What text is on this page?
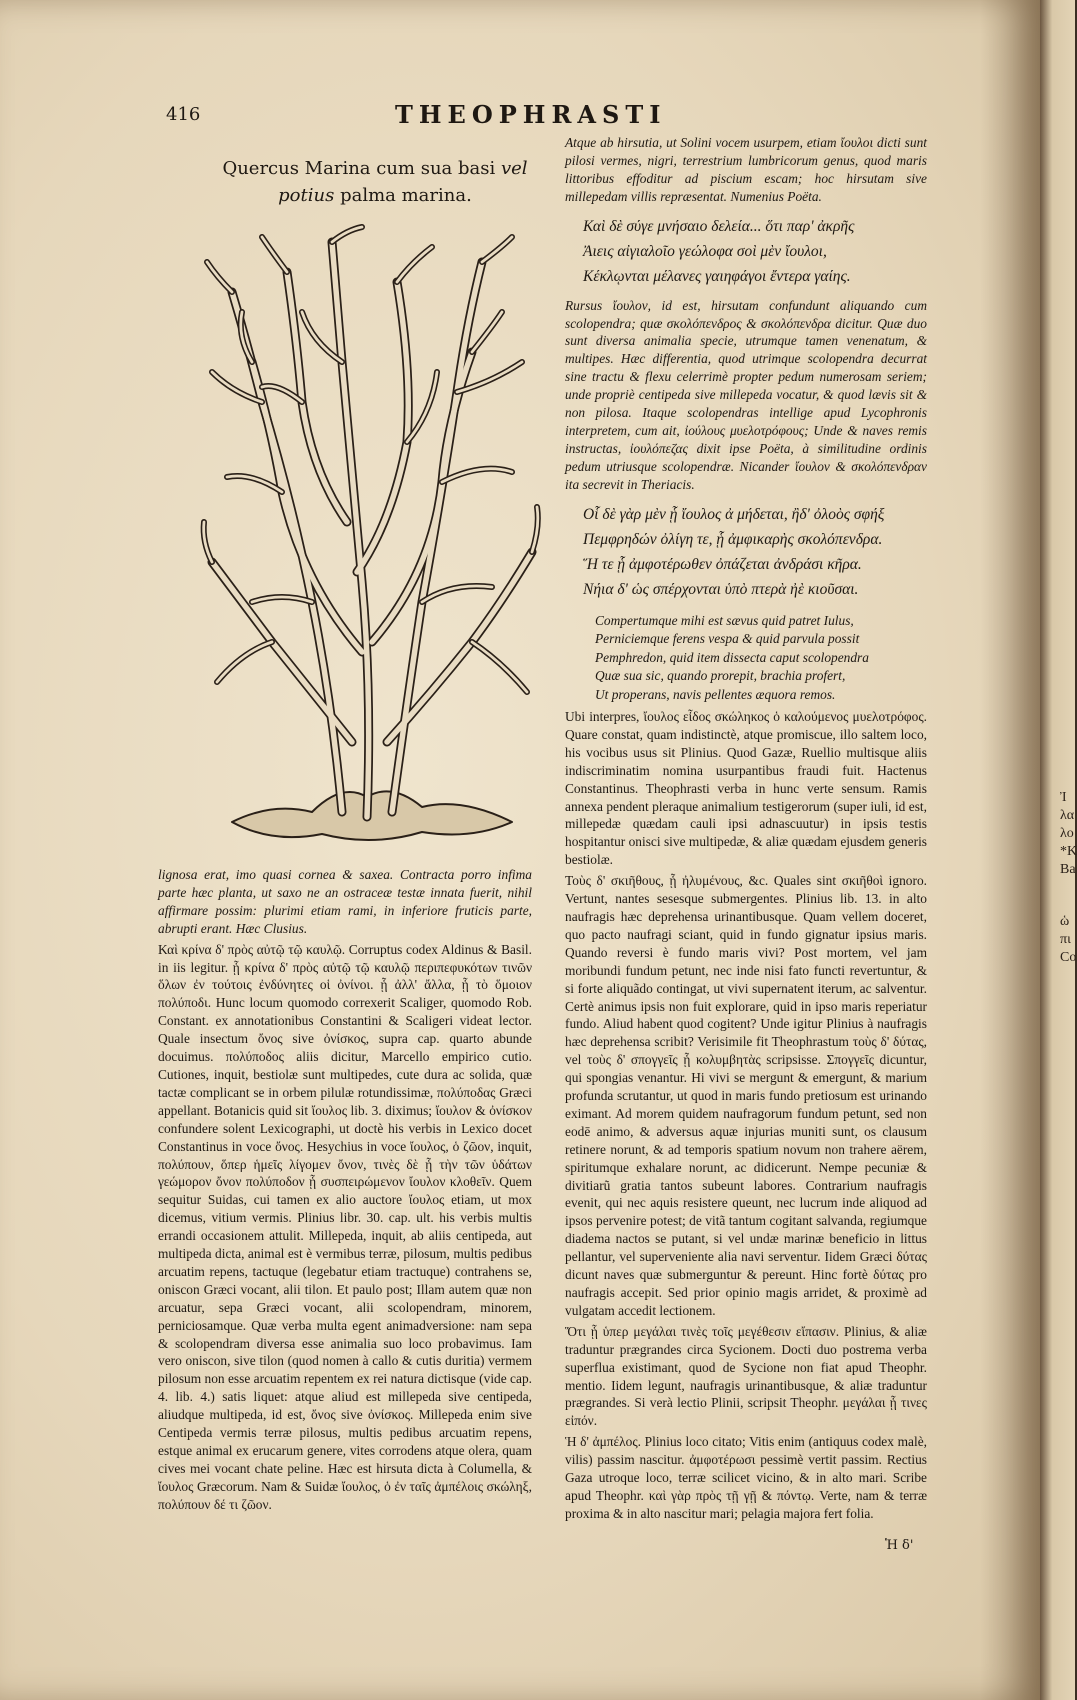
416	THEOPHRASTI
Quercus Marina cum sua basi vel potius palma marina.

Atque ab hirsutia, ut Solini vocem usurpem, etiam ἴουλοι dicti sunt pilosi vermes, nigri, terrestrium lumbricorum genus, quod maris littoribus effoditur ad piscium escam; hoc hirsutam sive millepedam villis repræsentat. Numenius Poëta.

Καὶ δὲ σύγε μνήσαιο δελεία... ὅτι παρ' ἀκρῆς
Ἀιεις αἰγιαλοῖο γεώλοφα σοὶ μὲν ἴουλοι,
Κέκλῳνται μέλανες γαιηφάγοι ἔντερα γαίης.

Rursus ἴουλον, id est, hirsutam confundunt aliquando cum scolopendra; quæ σκολόπενδρος & σκολόπενδρα dicitur. Quæ duo sunt diversa animalia specie, utrumque tamen venenatum, & multipes. Hæc differentia, quod utrimque scolopendra decurrat sine tractu & flexu celerrimè propter pedum numerosam seriem; unde propriè centipeda sive millepeda vocatur, & quod lævis sit & non pilosa. Itaque scolopendras intellige apud Lycophronis interpretem, cum ait, ἰούλους μυελοτρόφους; Unde & naves remis instructas, ἰουλόπεζας dixit ipse Poëta, à similitudine ordinis pedum utriusque scolopendræ. Nicander ἴουλον & σκολόπενδραν ita secrevit in Theriacis.

Οἷ δὲ γὰρ μὲν ᾗ ἴουλος ἀ μήδεται, ἢδ' ὀλοὸς σφήξ
Πεμφρηδών ὀλίγη τε, ᾗ ἀμφικαρὴς σκολόπενδρα.
Ἥ τε ᾗ ἀμφοτέρωθεν ὀπάζεται ἀνδράσι κῆρα.
Νήια δ' ὡς σπέρχονται ὑπὸ πτερὰ ἠὲ κιοῦσαι.
Compertumque mihi est sævus quid patret Iulus,
Perniciemque ferens vespa & quid parvula possit
Pemphredon, quid item dissecta caput scolopendra
Quæ sua sic, quando prorepit, brachia profert,
Ut properans, navis pellentes æquora remos.

Ubi interpres, ἴουλος εἶδος σκώληκος ὁ καλούμενος μυελοτρόφος. Quare constat, quam indistinctè, atque promiscue, illo saltem loco, his vocibus usus sit Plinius. Quod Gazæ, Ruellio multisque aliis indiscriminatim nomina usurpantibus fraudi fuit. Hactenus Constantinus. Theophrasti verba in hunc verte sensum. Ramis annexa pendent pleraque animalium testigerorum (super iuli, id est, millepedæ quædam cauli ipsi adnascuutur) in ipsis testis hospitantur onisci sive multipedæ, & aliæ quædam ejusdem generis bestiolæ.

Τοὺς δ' σκιῆθους, ᾗ ἠλυμένους, &c. Quales sint σκιῆθοὶ ignoro. Vertunt, nantes sesesque submergentes. Plinius lib. 13. in alto naufragis hæc deprehensa urinantibusque. Quam vellem doceret, quo pacto naufragi sciant, quid in fundo gignatur ipsius maris. Quando reversi è fundo maris vivi? Post mortem, vel jam moribundi fundum petunt, nec inde nisi fato functi revertuntur, & si forte aliquãdo contingat, ut vivi supernatent iterum, ac salventur. Certè animus ipsis non fuit explorare, quid in ipso maris reperiatur fundo. Aliud habent quod cogitent? Unde igitur Plinius à naufragis hæc deprehensa scribit? Verisimile fit Theophrastum τοὺς δ' δύτας, vel τοὺς δ' σπογγεῖς ᾗ κολυμβητὰς scripsisse. Σπογγεῖς dicuntur, qui spongias venantur. Hi vivi se mergunt & emergunt, & marium profunda scrutantur, ut quod in maris fundo pretiosum est urinando eximant. Ad morem quidem naufragorum fundum petunt, sed non eodē animo, & adversus aquæ injurias muniti sunt, os clausum retinere norunt, & ad temporis spatium novum non trahere aërem, spiritumque exhalare norunt, ac didicerunt. Nempe pecuniæ & divitiarũ gratia tantos subeunt labores. Contrarium naufragis evenit, qui nec aquis resistere queunt, nec lucrum inde aliquod ad ipsos pervenire potest; de vitã tantum cogitant salvanda, regiumque diadema nactos se putant, si vel undæ marinæ beneficio in littus pellantur, vel superveniente alia navi serventur. Iidem Græci δύτας dicunt naves quæ submerguntur & pereunt. Hinc fortè δύτας pro naufragis accepit. Sed prior opinio magis arridet, & proximè ad vulgatam accedit lectionem.

Ὅτι ᾗ ὑπερ μεγάλαι τινὲς τοῖς μεγέθεσιν εἴπασιν. Plinius, & aliæ traduntur prægrandes circa Sycionem. Docti duo postrema verba superflua existimant, quod de Sycione non fiat apud Theophr. mentio. Iidem legunt, naufragis urinantibusque, & aliæ traduntur prægrandes. Si verà lectio Plinii, scripsit Theophr. μεγάλαι ᾗ τινες εἰπόν.

Ἡ δ' ἀμπέλος. Plinius loco citato; Vitis enim (antiquus codex malè, vilis) passim nascitur. ἀμφοτέρωσι pessimè vertit passim. Rectius Gaza utroque loco, terræ scilicet vicino, & in alto mari. Scribe apud Theophr. καὶ γὰρ πρὸς τῇ γῇ & πόντῳ. Verte, nam & terræ proxima & in alto nascitur mari; pelagia majora fert folia.

lignosa erat, imo quasi cornea & saxea. Contracta porro infima parte hæc planta, ut saxo ne an ostraceæ testæ innata fuerit, nihil affirmare possim: plurimi etiam rami, in inferiore fruticis parte, abrupti erant. Hæc Clusius.

Καὶ κρίνα δ' πρὸς αὐτῷ τῷ καυλῷ. Corruptus codex Aldinus & Basil. in iis legitur. ᾗ κρίνα δ' πρὸς αὐτῷ τῷ καυλῷ περιπεφυκότων τινῶν ὅλων ἐν τούτοις ἐνδύνητες οἱ ὀνίνοι. ᾗ ἀλλ' ἄλλα, ᾗ τὸ ὅμοιον πολύποδι. Hunc locum quomodo correxerit Scaliger, quomodo Rob. Constant. ex annotationibus Constantini & Scaligeri videat lector. Quale insectum ὄνος sive ὀνίσκος, supra cap. quarto abunde docuimus. πολύποδος aliis dicitur, Marcello empirico cutio. Cutiones, inquit, bestiolæ sunt multipedes, cute dura ac solida, quæ tactæ complicant se in orbem pilulæ rotundissimæ, πολύποδας Græci appellant. Botanicis quid sit ἴουλος lib. 3. diximus; ἴουλον & ὀνίσκον confundere solent Lexicographi, ut doctè his verbis in Lexico docet Constantinus in voce ὄνος. Hesychius in voce ἴουλος, ὁ ζῶον, inquit, πολύπουν, ὅπερ ἡμεῖς λίγομεν ὄνον, τινὲς δὲ ᾗ τὴν τῶν ὑδάτων γεώμορον ὄνον πολύποδον ᾗ συσπειρώμενον ἴουλον κλοθεῖν. Quem sequitur Suidas, cui tamen ex alio auctore ἴουλος etiam, ut mox dicemus, vitium vermis. Plinius libr. 30. cap. ult. his verbis multis errandi occasionem attulit. Millepeda, inquit, ab aliis centipeda, aut multipeda dicta, animal est è vermibus terræ, pilosum, multis pedibus arcuatim repens, tactuque (legebatur etiam tractuque) contrahens se, oniscon Græci vocant, alii tilon. Et paulo post; Illam autem quæ non arcuatur, sepa Græci vocant, alii scolopendram, minorem, perniciosamque. Quæ verba multa egent animadversione: nam sepa & scolopendram diversa esse animalia suo loco probavimus. Iam vero oniscon, sive tilon (quod nomen à callo & cutis duritia) vermem pilosum non esse arcuatim repentem ex rei natura dictisque (vide cap. 4. lib. 4.) satis liquet: atque aliud est millepeda sive centipeda, aliudque multipeda, id est, ὄνος sive ὀνίσκος. Millepeda enim sive Centipeda vermis terræ pilosus, multis pedibus arcuatim repens, estque animal ex erucarum genere, vites corrodens atque olera, quam cives mei vocant chate peline. Hæc est hirsuta dicta à Columella, & ἴουλος Græcorum. Nam & Suidæ ἴουλος, ὁ ἐν ταῖς ἀμπέλοις σκώληξ, πολύπουν δέ τι ζῶον.

Ἡ δ'
Ἰ
λα
λο
*Κ
Ba
ὡ
πι
Co
